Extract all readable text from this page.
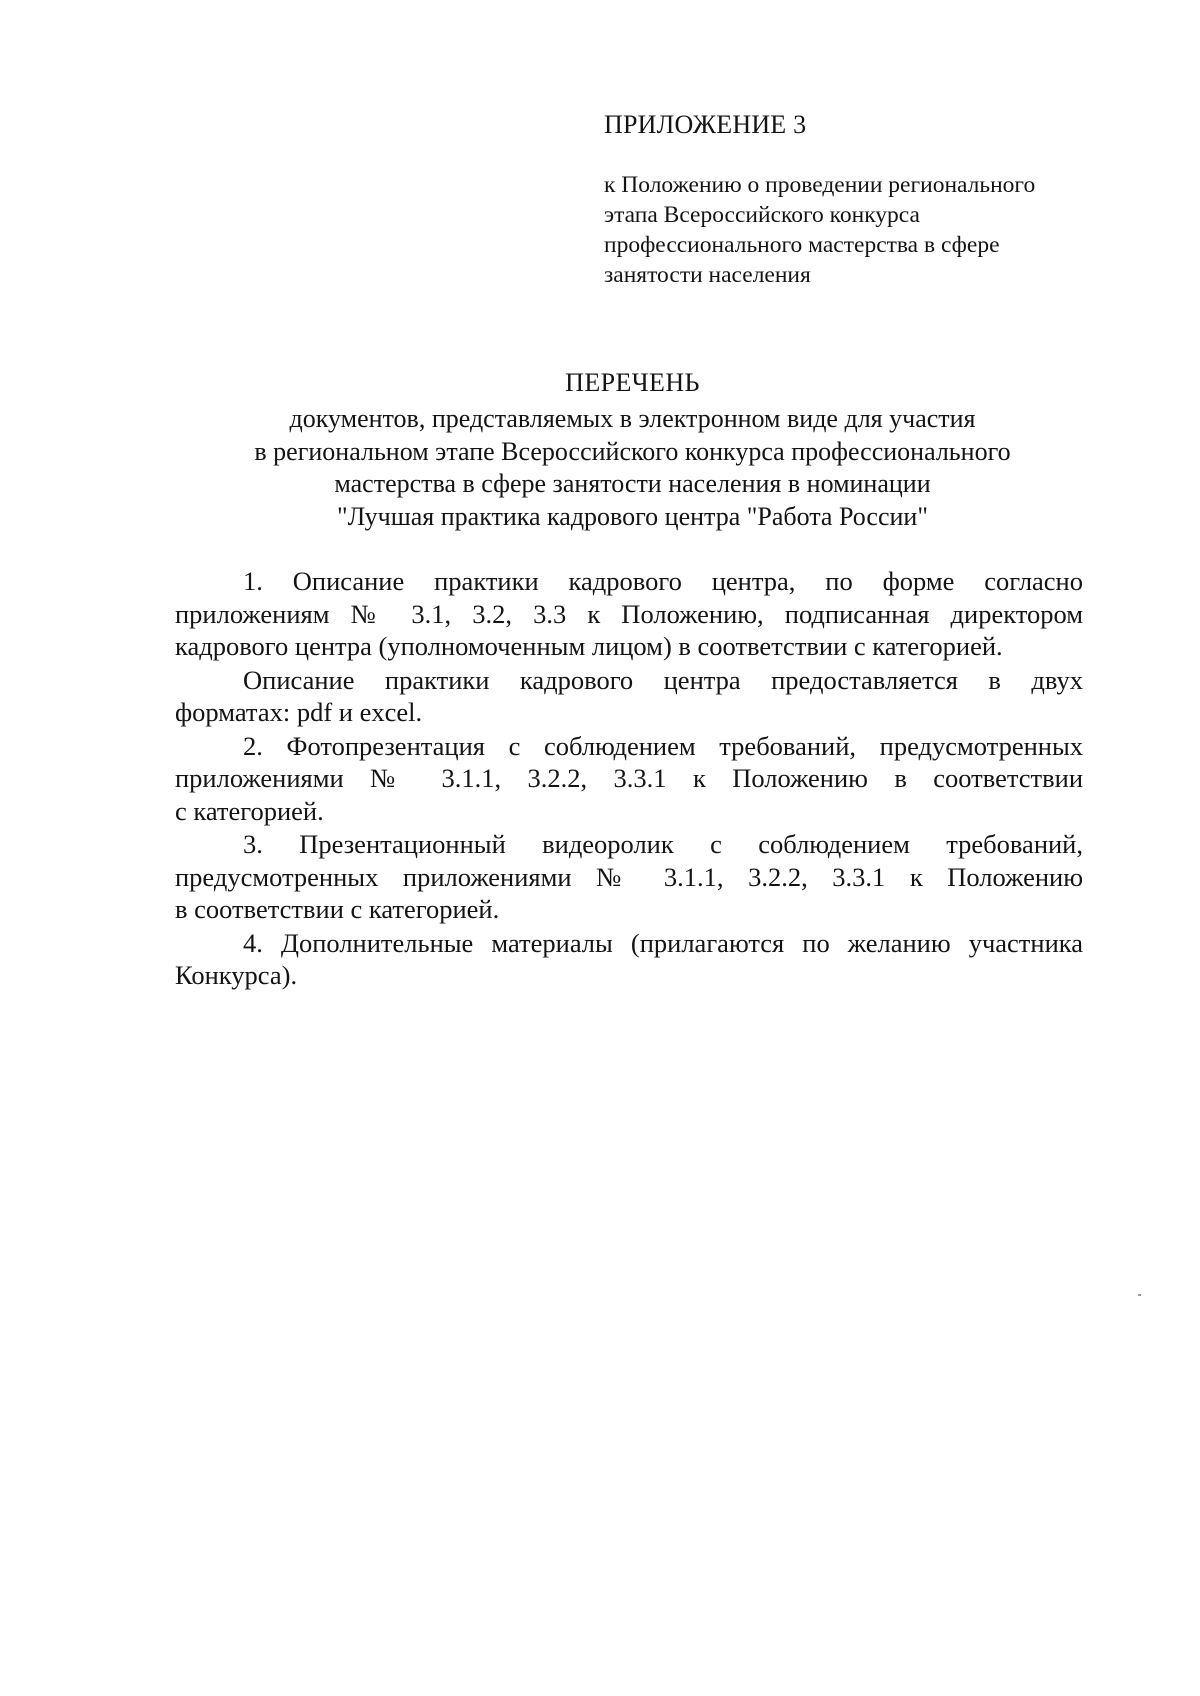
ПРИЛОЖЕНИЕ 3

к Положению о проведении регионального
этапа Всероссийского конкурса
профессионального мастерства в сфере
занятости населения

ПЕРЕЧЕНЬ

документов, представляемых в электронном виде для участия
в региональном этапе Всероссийского конкурса профессионального
мастерства в сфере занятости населения в номинации
"Лучшая практика кадрового центра "Работа России"
1. Описание практики кадрового центра, по форме согласно
приложениям № 3.1, 3.2, 3.3 к Положению, подписанная директором
кадрового центра (уполномоченным лицом) в соответствии с категорией.
Описание практики кадрового центра предоставляется в двух
форматах: pdf и excel.
2. Фотопрезентация с соблюдением требований, предусмотренных
приложениями № 3.1.1, 3.2.2, 3.3.1 к Положению в соответствии
с категорией.
3. Презентационный видеоролик с соблюдением требований,
предусмотренных приложениями № 3.1.1, 3.2.2, 3.3.1 к Положению
в соответствии с категорией.
4. Дополнительные материалы (прилагаются по желанию участника
Конкурса).
